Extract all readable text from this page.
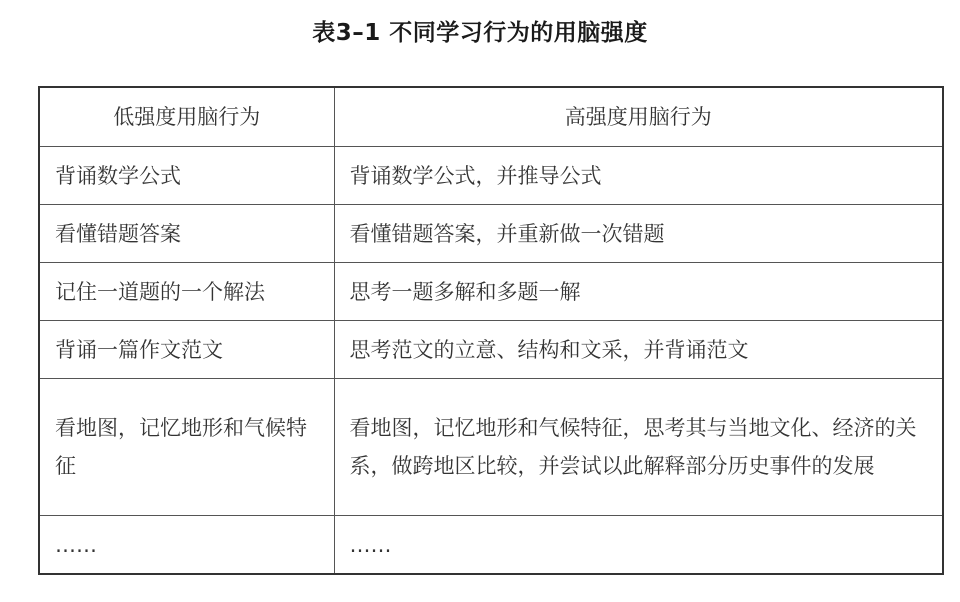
表3–1 不同学习行为的用脑强度
低强度用脑行为	高强度用脑行为
背诵数学公式	背诵数学公式，并推导公式
看懂错题答案	看懂错题答案，并重新做一次错题
记住一道题的一个解法	思考一题多解和多题一解
背诵一篇作文范文	思考范文的立意、结构和文采，并背诵范文
看地图，记忆地形和气候特征	看地图，记忆地形和气候特征，思考其与当地文化、经济的关系，做跨地区比较，并尝试以此解释部分历史事件的发展
……	……
